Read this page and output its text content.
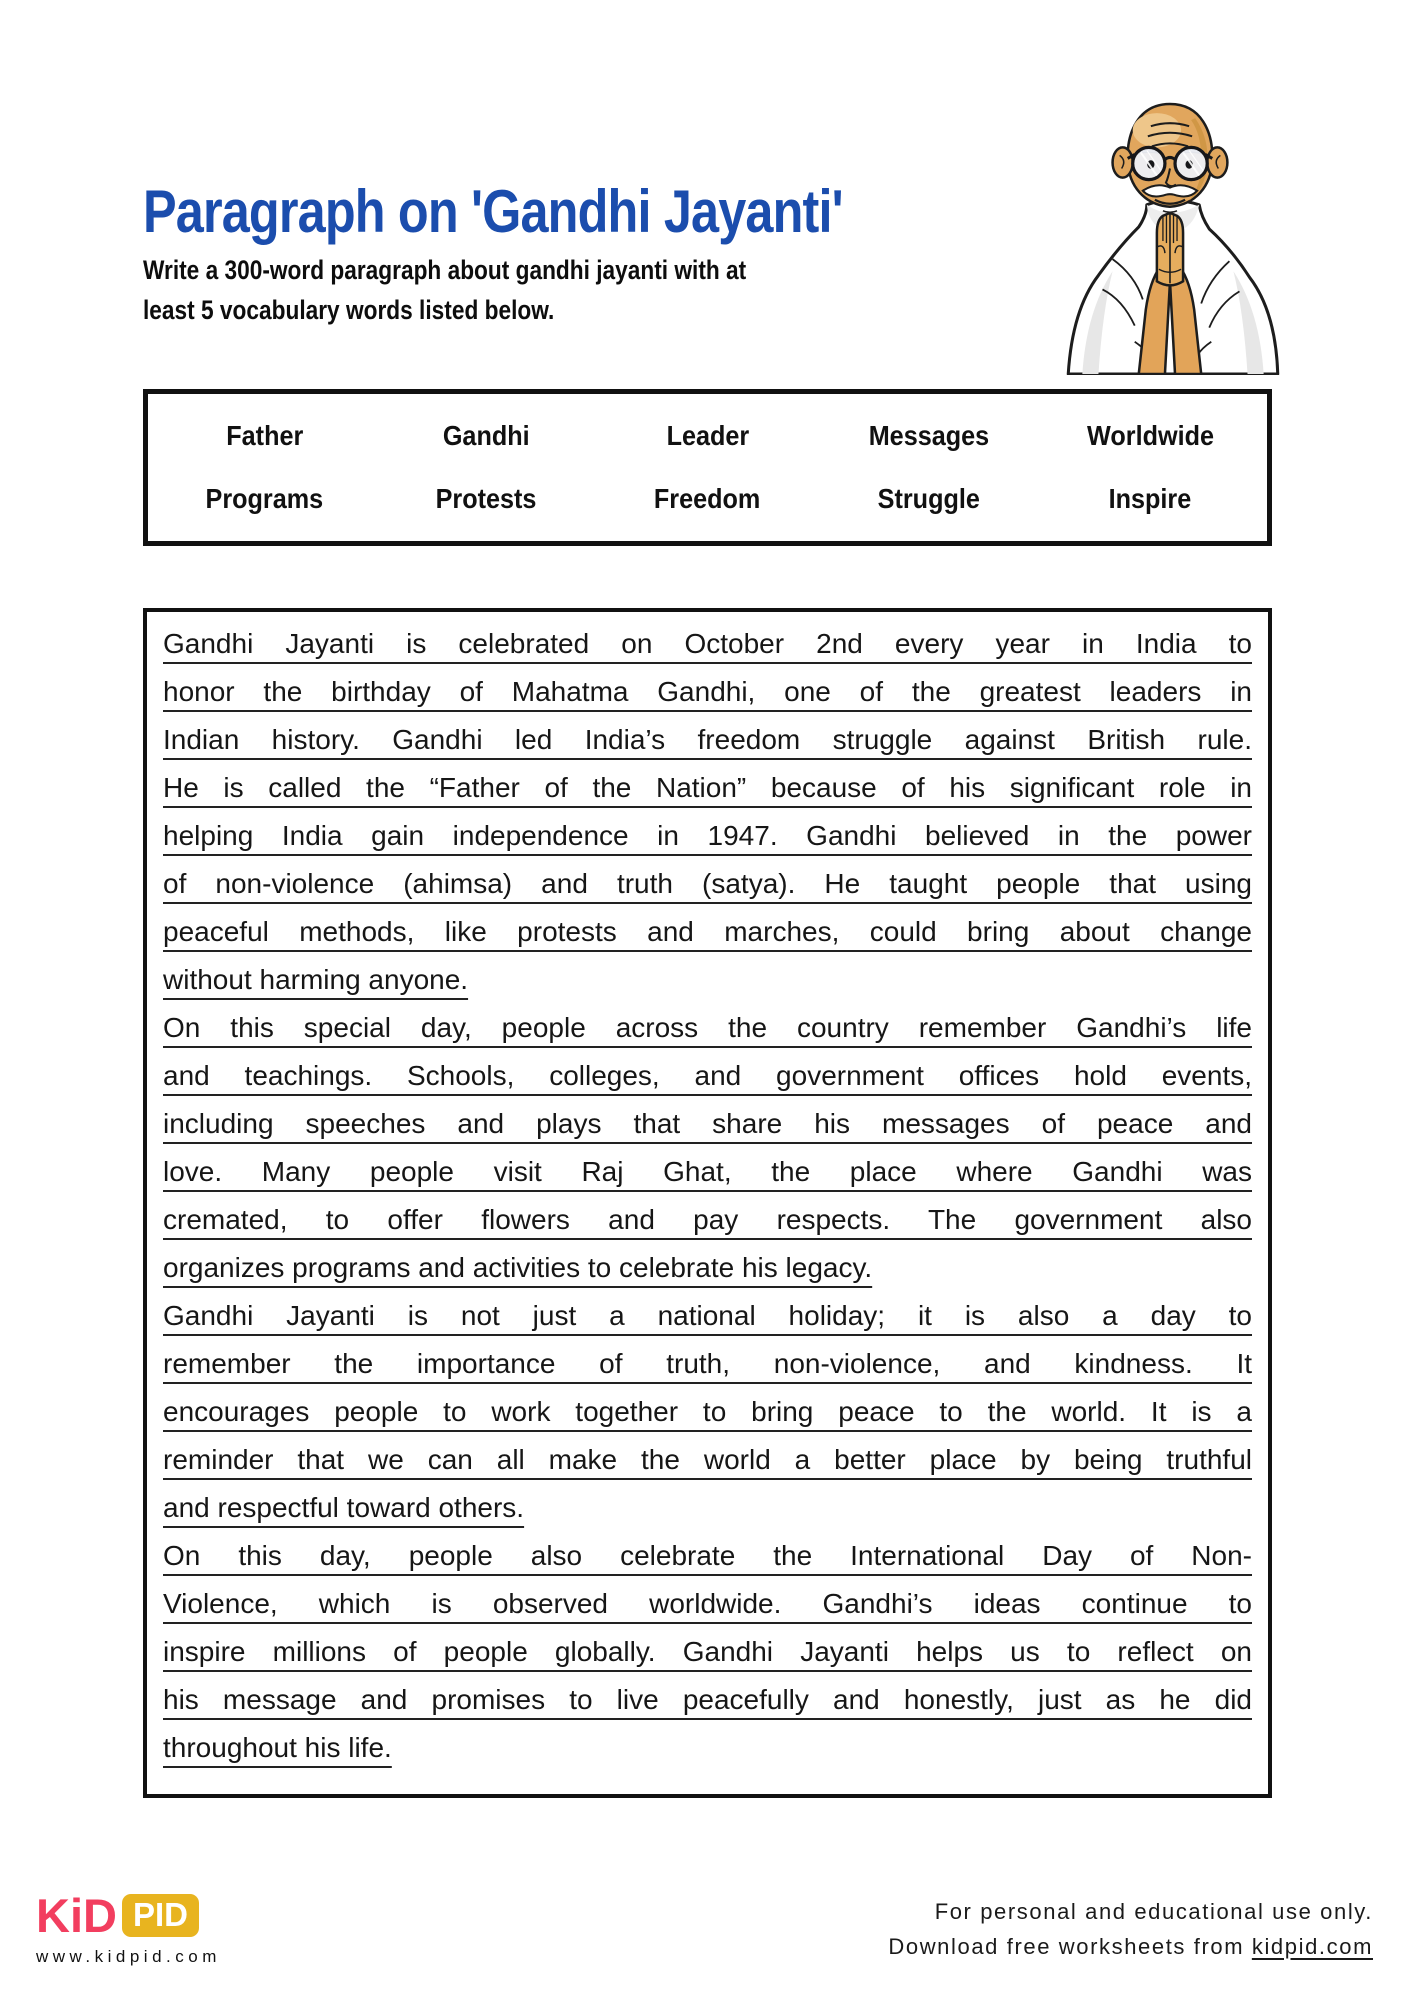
Paragraph on 'Gandhi Jayanti'
Write a 300-word paragraph about gandhi jayanti with at
least 5 vocabulary words listed below.
Father	Gandhi	Leader	Messages	Worldwide
Programs	Protests	Freedom	Struggle	Inspire
Gandhi Jayanti is celebrated on October 2nd every year in India to
honor the birthday of Mahatma Gandhi, one of the greatest leaders in
Indian history. Gandhi led India’s freedom struggle against British rule.
He is called the “Father of the Nation” because of his significant role in
helping India gain independence in 1947. Gandhi believed in the power
of non-violence (ahimsa) and truth (satya). He taught people that using
peaceful methods, like protests and marches, could bring about change
without harming anyone.
On this special day, people across the country remember Gandhi’s life
and teachings. Schools, colleges, and government offices hold events,
including speeches and plays that share his messages of peace and
love. Many people visit Raj Ghat, the place where Gandhi was
cremated, to offer flowers and pay respects. The government also
organizes programs and activities to celebrate his legacy.
Gandhi Jayanti is not just a national holiday; it is also a day to
remember the importance of truth, non-violence, and kindness. It
encourages people to work together to bring peace to the world. It is a
reminder that we can all make the world a better place by being truthful
and respectful toward others.
On this day, people also celebrate the International Day of Non-
Violence, which is observed worldwide. Gandhi’s ideas continue to
inspire millions of people globally. Gandhi Jayanti helps us to reflect on
his message and promises to live peacefully and honestly, just as he did
throughout his life.
KiD PID
www.kidpid.com
For personal and educational use only.
Download free worksheets from kidpid.com
